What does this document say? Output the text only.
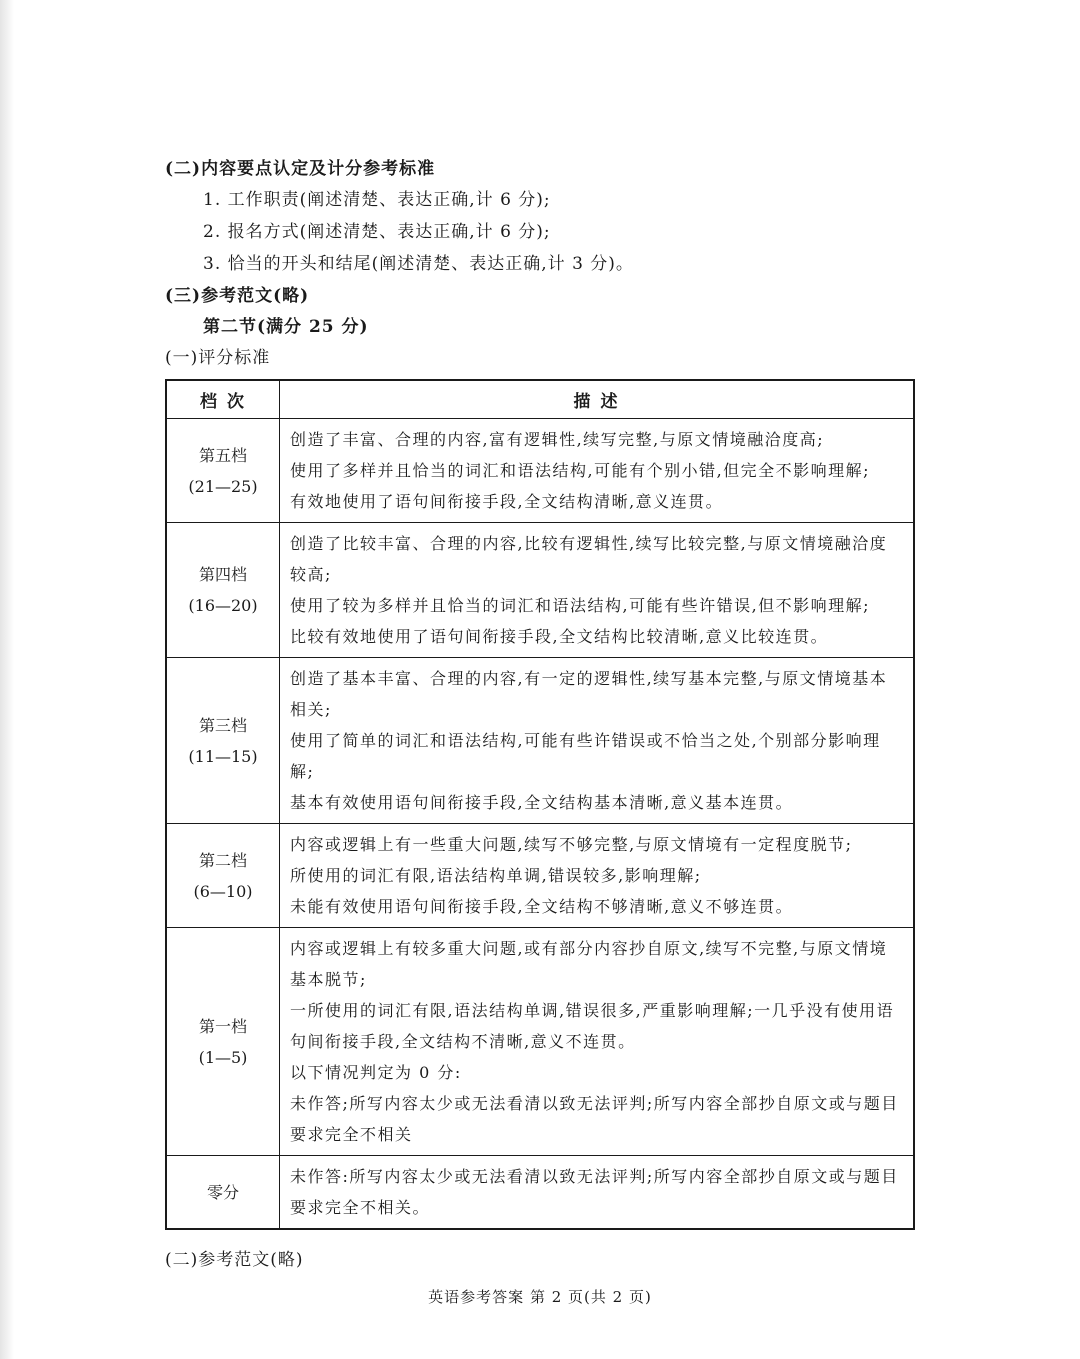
(二)内容要点认定及计分参考标准
1. 工作职责(阐述清楚、表达正确,计 6 分);
2. 报名方式(阐述清楚、表达正确,计 6 分);
3. 恰当的开头和结尾(阐述清楚、表达正确,计 3 分)。
(三)参考范文(略)
第二节(满分 25 分)
(一)评分标准
档 次	描 述

第五档
(21—25)	创造了丰富、合理的内容,富有逻辑性,续写完整,与原文情境融洽度高;
使用了多样并且恰当的词汇和语法结构,可能有个别小错,但完全不影响理解;
有效地使用了语句间衔接手段,全文结构清晰,意义连贯。

第四档
(16—20)	创造了比较丰富、合理的内容,比较有逻辑性,续写比较完整,与原文情境融洽度较高;
使用了较为多样并且恰当的词汇和语法结构,可能有些许错误,但不影响理解;
比较有效地使用了语句间衔接手段,全文结构比较清晰,意义比较连贯。

第三档
(11—15)	创造了基本丰富、合理的内容,有一定的逻辑性,续写基本完整,与原文情境基本相关;
使用了简单的词汇和语法结构,可能有些许错误或不恰当之处,个别部分影响理解;
基本有效使用语句间衔接手段,全文结构基本清晰,意义基本连贯。

第二档
(6—10)	内容或逻辑上有一些重大问题,续写不够完整,与原文情境有一定程度脱节;
所使用的词汇有限,语法结构单调,错误较多,影响理解;
未能有效使用语句间衔接手段,全文结构不够清晰,意义不够连贯。

第一档
(1—5)	内容或逻辑上有较多重大问题,或有部分内容抄自原文,续写不完整,与原文情境基本脱节;
一所使用的词汇有限,语法结构单调,错误很多,严重影响理解;一几乎没有使用语句间衔接手段,全文结构不清晰,意义不连贯。
以下情况判定为 0 分:
未作答;所写内容太少或无法看清以致无法评判;所写内容全部抄自原文或与题目要求完全不相关

零分	未作答:所写内容太少或无法看清以致无法评判;所写内容全部抄自原文或与题目要求完全不相关。
(二)参考范文(略)
英语参考答案 第 2 页(共 2 页)
